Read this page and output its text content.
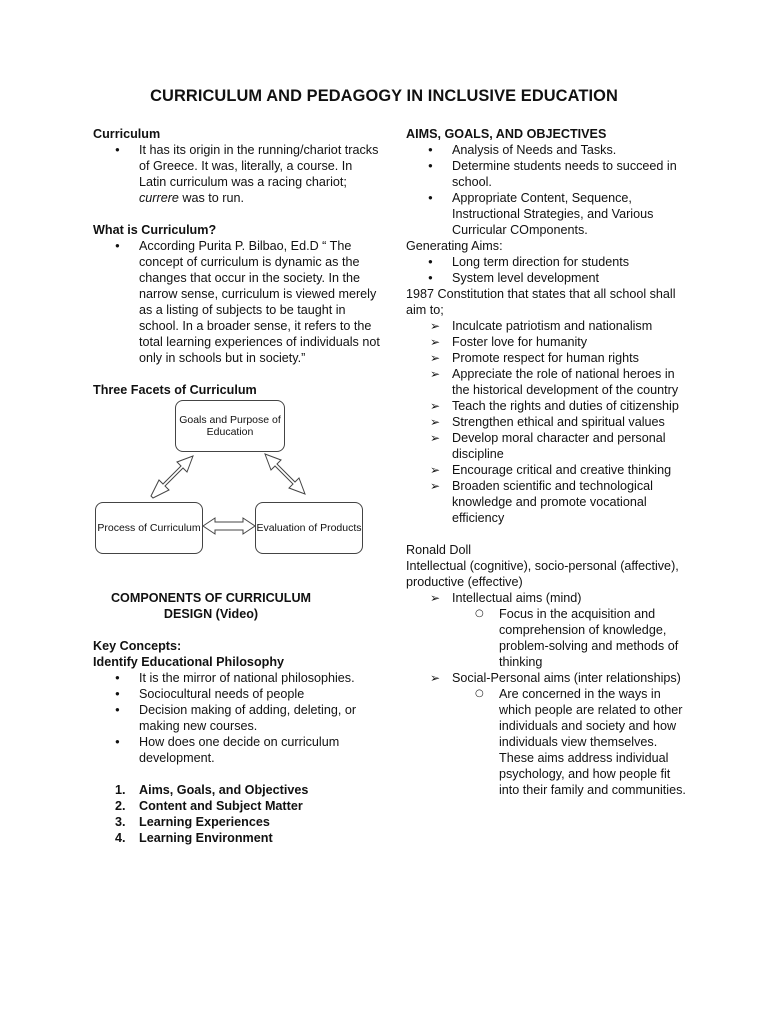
CURRICULUM AND PEDAGOGY IN INCLUSIVE EDUCATION
Curriculum
● It has its origin in the running/chariot tracks of Greece. It was, literally, a course. In Latin curriculum was a racing chariot; currere was to run.
What is Curriculum?
● According Purita P. Bilbao, Ed.D “ The concept of curriculum is dynamic as the changes that occur in the society. In the narrow sense, curriculum is viewed merely as a listing of subjects to be taught in school. In a broader sense, it refers to the total learning experiences of individuals not only in schools but in society.”
Three Facets of Curriculum
Goals and Purpose of Education
Process of Curriculum	Evaluation of Products
COMPONENTS OF CURRICULUM DESIGN (Video)
Key Concepts:
Identify Educational Philosophy
● It is the mirror of national philosophies.
● Sociocultural needs of people
● Decision making of adding, deleting, or making new courses.
● How does one decide on curriculum development.
1. Aims, Goals, and Objectives
2. Content and Subject Matter
3. Learning Experiences
4. Learning Environment
AIMS, GOALS, AND OBJECTIVES
● Analysis of Needs and Tasks.
● Determine students needs to succeed in school.
● Appropriate Content, Sequence, Instructional Strategies, and Various Curricular COmponents.
Generating Aims:
● Long term direction for students
● System level development
1987 Constitution that states that all school shall aim to;
➢ Inculcate patriotism and nationalism
➢ Foster love for humanity
➢ Promote respect for human rights
➢ Appreciate the role of national heroes in the historical development of the country
➢ Teach the rights and duties of citizenship
➢ Strengthen ethical and spiritual values
➢ Develop moral character and personal discipline
➢ Encourage critical and creative thinking
➢ Broaden scientific and technological knowledge and promote vocational efficiency
Ronald Doll
Intellectual (cognitive), socio-personal (affective), productive (effective)
➢ Intellectual aims (mind)
○ Focus in the acquisition and comprehension of knowledge, problem-solving and methods of thinking
➢ Social-Personal aims (inter relationships)
○ Are concerned in the ways in which people are related to other individuals and society and how individuals view themselves. These aims address individual psychology, and how people fit into their family and communities.
